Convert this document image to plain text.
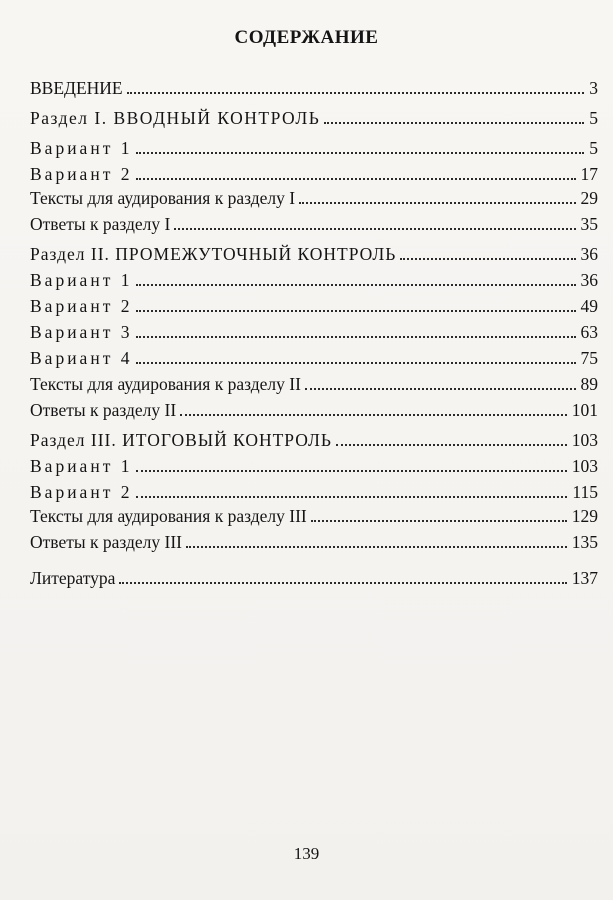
СОДЕРЖАНИЕ
ВВЕДЕНИЕ	3
Раздел I. ВВОДНЫЙ КОНТРОЛЬ	5
Вариант 1	5
Вариант 2	17
Тексты для аудирования к разделу I	29
Ответы к разделу I	35
Раздел II. ПРОМЕЖУТОЧНЫЙ КОНТРОЛЬ	36
Вариант 1	36
Вариант 2	49
Вариант 3	63
Вариант 4	75
Тексты для аудирования к разделу II	89
Ответы к разделу II	101
Раздел III. ИТОГОВЫЙ КОНТРОЛЬ	103
Вариант 1	103
Вариант 2	115
Тексты для аудирования к разделу III	129
Ответы к разделу III	135
Литература	137
139
